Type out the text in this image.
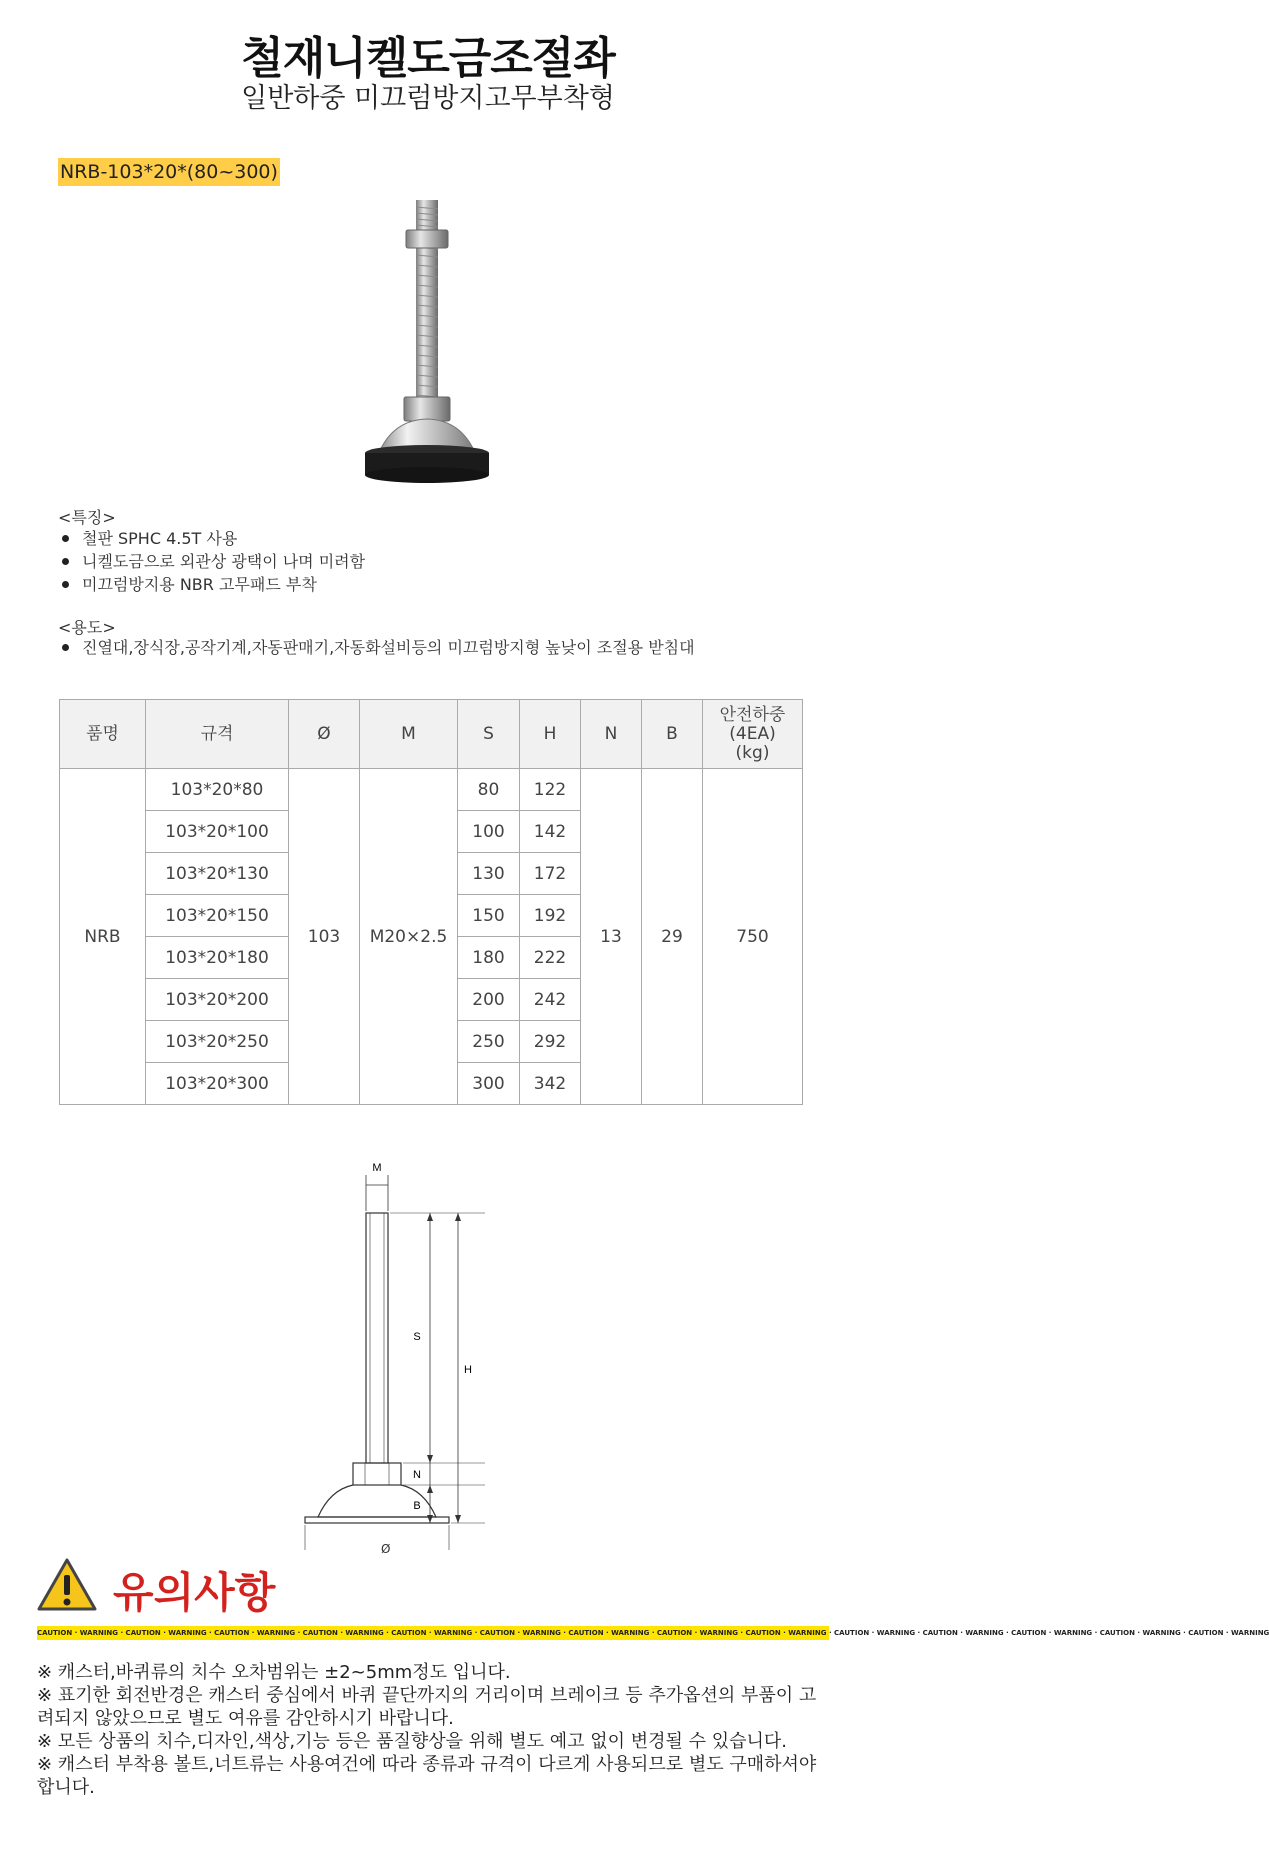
철재니켈도금조절좌
일반하중 미끄럼방지고무부착형
NRB-103*20*(80~300)
<특징>
철판 SPHC 4.5T 사용
니켈도금으로 외관상 광택이 나며 미려함
미끄럼방지용 NBR 고무패드 부착
<용도>
진열대,장식장,공작기계,자동판매기,자동화설비등의 미끄럼방지형 높낮이 조절용 받침대
품명	규격	Ø	M	S	H	N	B	안전하중
(4EA)
(kg)

NRB	103*20*80	103	M20×2.5	80	122	13	29	750
	103*20*100			100	142			
	103*20*130			130	172			
	103*20*150			150	192			
	103*20*180			180	222			
	103*20*200			200	242			
	103*20*250			250	292			
	103*20*300			300	342			
M
S
H
N
B
Ø
유의사항
CAUTION · WARNING · CAUTION · WARNING · CAUTION · WARNING · CAUTION · WARNING · CAUTION · WARNING · CAUTION · WARNING · CAUTION · WARNING · CAUTION · WARNING · CAUTION · WARNING · CAUTION · WARNING · CAUTION · WARNING · CAUTION · WARNING · CAUTION · WARNING · CAUTION · WARNING

※ 캐스터,바퀴류의 치수 오차범위는 ±2~5mm정도 입니다.

※ 표기한 회전반경은 캐스터 중심에서 바퀴 끝단까지의 거리이며 브레이크 등 추가옵션의 부품이 고려되지 않았으므로 별도 여유를 감안하시기 바랍니다.

※ 모든 상품의 치수,디자인,색상,기능 등은 품질향상을 위해 별도 예고 없이 변경될 수 있습니다.

※ 캐스터 부착용 볼트,너트류는 사용여건에 따라 종류과 규격이 다르게 사용되므로 별도 구매하셔야 합니다.
